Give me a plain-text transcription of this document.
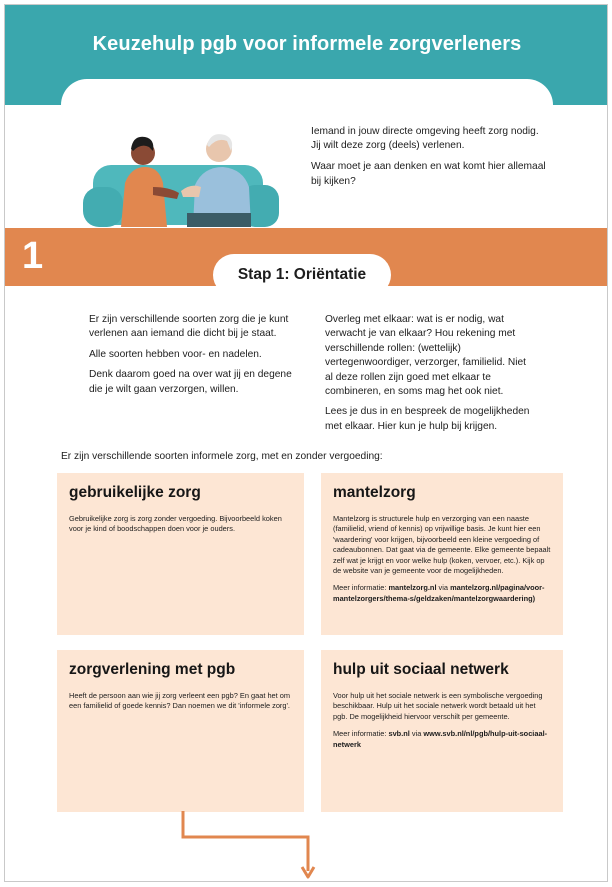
Keuzehulp pgb voor informele zorgverleners

Iemand in jouw directe omgeving heeft zorg nodig. Jij wilt deze zorg (deels) verlenen.

Waar moet je aan denken en wat komt hier allemaal bij kijken?

1	Stap 1: Oriëntatie

Er zijn verschillende soorten zorg die je kunt verlenen aan iemand die dicht bij je staat.

Alle soorten hebben voor- en nadelen.

Denk daarom goed na over wat jij en degene die je wilt gaan verzorgen, willen.

Overleg met elkaar: wat is er nodig, wat verwacht je van elkaar? Hou rekening met verschillende rollen: (wettelijk) vertegenwoordiger, verzorger, familielid. Niet al deze rollen zijn goed met elkaar te combineren, en soms mag het ook niet.

Lees je dus in en bespreek de mogelijkheden met elkaar. Hier kun je hulp bij krijgen.

Er zijn verschillende soorten informele zorg, met en zonder vergoeding:
gebruikelijke zorg

Gebruikelijke zorg is zorg zonder vergoeding. Bijvoorbeeld koken voor je kind of boodschappen doen voor je ouders.

mantelzorg

Mantelzorg is structurele hulp en verzorging van een naaste (familielid, vriend of kennis) op vrijwillige basis. Je kunt hier een 'waardering' voor krijgen, bijvoorbeeld een kleine vergoeding of cadeaubonnen. Dat gaat via de gemeente. Elke gemeente bepaalt zelf wat je krijgt en voor welke hulp (koken, vervoer, etc.). Kijk op de website van je gemeente voor de mogelijkheden.

Meer informatie: mantelzorg.nl via mantelzorg.nl/pagina/voor-mantelzorgers/thema-s/geldzaken/mantelzorgwaardering)

zorgverlening met pgb

Heeft de persoon aan wie jij zorg verleent een pgb? En gaat het om een familielid of goede kennis? Dan noemen we dit 'informele zorg'.

hulp uit sociaal netwerk

Voor hulp uit het sociale netwerk is een symbolische vergoeding beschikbaar. Hulp uit het sociale netwerk wordt betaald uit het pgb. De mogelijkheid hiervoor verschilt per gemeente.

Meer informatie: svb.nl via www.svb.nl/nl/pgb/hulp-uit-sociaal-netwerk
